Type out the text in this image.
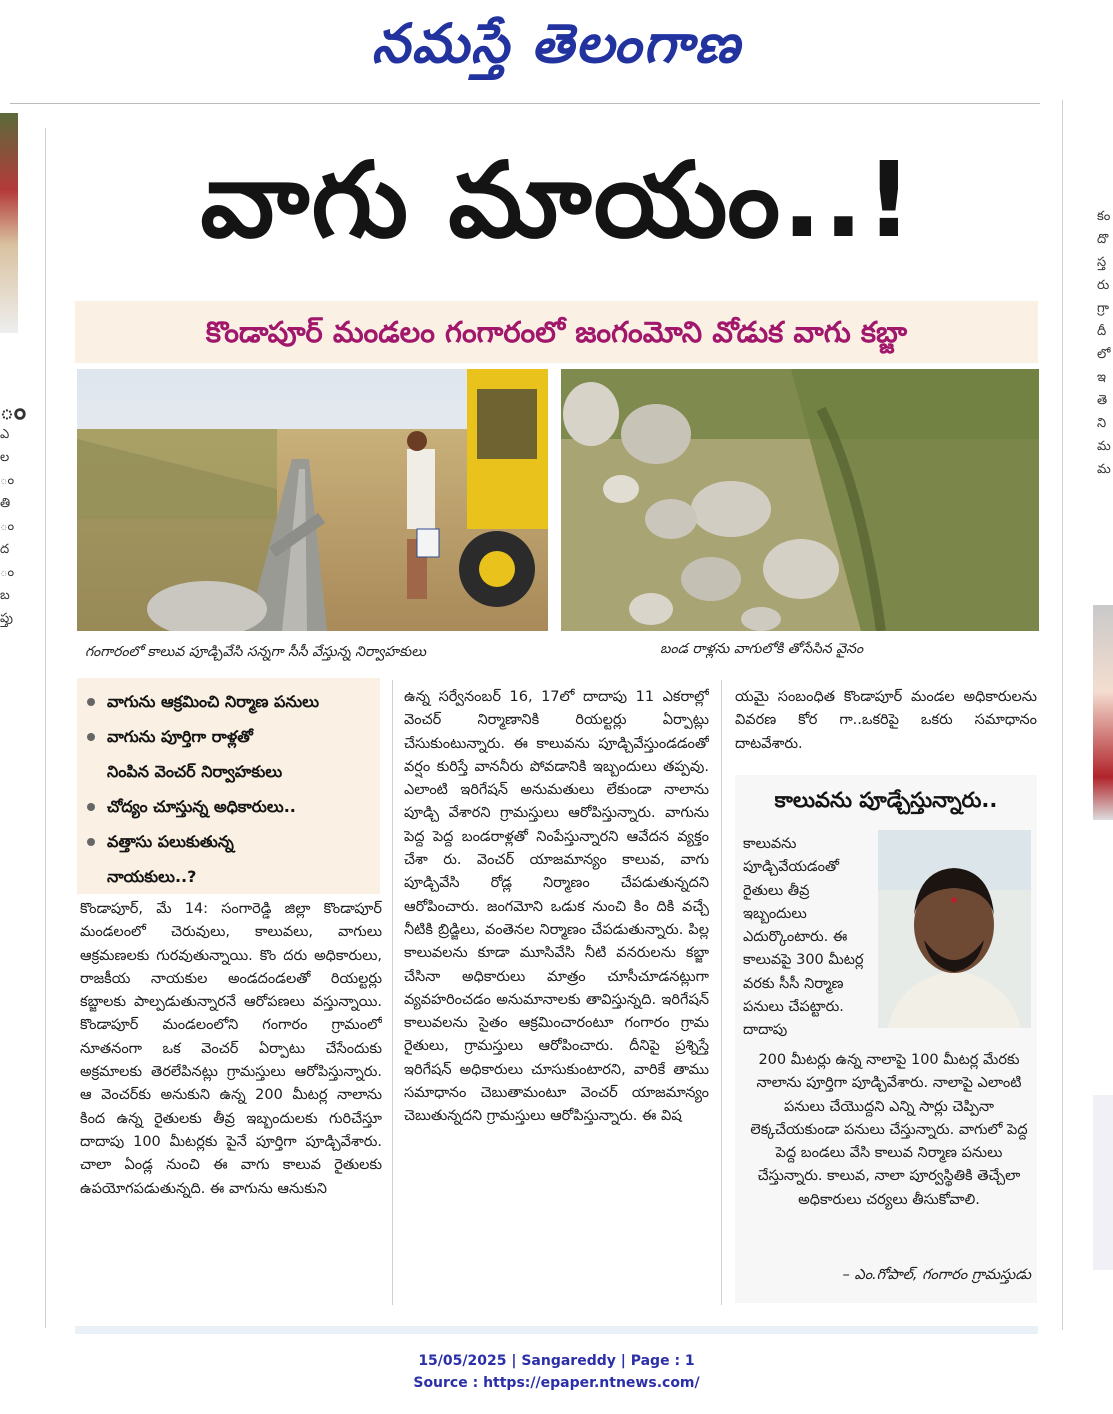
నమస్తే తెలంగాణ
ం
ఎ
ల
ం
తి
ం
ద
ం
బ
ప్తు
కం
దొ
స్త
రు
గ్రా
దీ
లో
ఇ
తె
ని
మ
మ
వాగు మాయం..!
కొండాపూర్ మండలం గంగారంలో జంగంమోని వోడుక వాగు కబ్జా
గంగారంలో కాలువ పూడ్చివేసి సన్నగా సీసీ వేస్తున్న నిర్వాహకులు	బండ రాళ్లను వాగులోకి తోసేసిన వైనం
వాగును ఆక్రమించి నిర్మాణ పనులు
వాగును పూర్తిగా రాళ్లతో
నింపిన వెంచర్ నిర్వాహకులు
చోద్యం చూస్తున్న అధికారులు..
వత్తాసు పలుకుతున్న
నాయకులు..?
కొండాపూర్, మే 14: సంగారెడ్డి జిల్లా కొండాపూర్ మండలంలో చెరువులు, కాలువలు, వాగులు ఆక్రమణలకు గురవుతున్నాయి. కొం దరు అధికారులు, రాజకీయ నాయకుల అండదండలతో రియల్టర్లు కబ్జాలకు పాల్పడుతున్నారనే ఆరోపణలు వస్తున్నాయి. కొండాపూర్ మండలంలోని గంగారం గ్రామంలో నూతనంగా ఒక వెంచర్ ఏర్పాటు చేసేందుకు అక్రమాలకు తెరలేపినట్లు గ్రామస్తులు ఆరోపిస్తున్నారు. ఆ వెంచర్‌కు అనుకుని ఉన్న 200 మీటర్ల నాలాను కింద ఉన్న రైతులకు తీవ్ర ఇబ్బందులకు గురిచేస్తూ దాదాపు 100 మీటర్లకు పైనే పూర్తిగా పూడ్చివేశారు. చాలా ఏండ్ల నుంచి ఈ వాగు కాలువ రైతులకు ఉపయోగపడుతున్నది. ఈ వాగును ఆనుకుని
ఉన్న సర్వేనంబర్ 16, 17లో దాదాపు 11 ఎకరాల్లో వెంచర్ నిర్మాణానికి రియల్టర్లు ఏర్పాట్లు చేసుకుంటున్నారు. ఈ కాలువను పూడ్చివేస్తుండడంతో వర్షం కురిస్తే వాననీరు పోవడానికి ఇబ్బందులు తప్పవు. ఎలాంటి ఇరిగేషన్ అనుమతులు లేకుండా నాలాను పూడ్చి వేశారని గ్రామస్తులు ఆరోపిస్తున్నారు. వాగును పెద్ద పెద్ద బండరాళ్లతో నింపేస్తున్నారని ఆవేదన వ్యక్తం చేశా రు. వెంచర్ యాజమాన్యం కాలువ, వాగు పూడ్చివేసి రోడ్ల నిర్మాణం చేపడుతున్నదని ఆరోపించారు. జంగమోని ఒడుక నుంచి కిం దికి వచ్చే నీటికి బ్రిడ్జిలు, వంతెనల నిర్మాణం చేపడుతున్నారు. పిల్ల కాలువలను కూడా మూసివేసి నీటి వనరులను కబ్జా చేసినా అధికారులు మాత్రం చూసీచూడనట్లుగా వ్యవహరించడం అనుమానాలకు తావిస్తున్నది. ఇరిగేషన్ కాలువలను సైతం ఆక్రమించారంటూ గంగారం గ్రామ రైతులు, గ్రామస్తులు ఆరోపించారు. దీనిపై ప్రశ్నిస్తే ఇరిగేషన్ అధికారులు చూసుకుంటారని, వారికే తాము సమాధానం చెబుతామంటూ వెంచర్ యాజమాన్యం చెబుతున్నదని గ్రామస్తులు ఆరోపిస్తున్నారు. ఈ విష
యమై సంబంధిత కొండాపూర్ మండల అధికారులను వివరణ కోర గా..ఒకరిపై ఒకరు సమాధానం దాటవేశారు.
కాలువను పూడ్చేస్తున్నారు..
కాలువను పూడ్చివేయడంతో రైతులు తీవ్ర ఇబ్బందులు ఎదుర్కొంటారు. ఈ కాలువపై 300 మీటర్ల వరకు సీసీ నిర్మాణ పనులు చేపట్టారు. దాదాపు
200 మీటర్లు ఉన్న నాలాపై 100 మీటర్ల మేరకు నాలాను పూర్తిగా పూడ్చివేశారు. నాలాపై ఎలాంటి పనులు చేయొద్దని ఎన్ని సార్లు చెప్పినా లెక్కచేయకుండా పనులు చేస్తున్నారు. వాగులో పెద్ద పెద్ద బండలు వేసి కాలువ నిర్మాణ పనులు చేస్తున్నారు. కాలువ, నాలా పూర్వస్థితికి తెచ్చేలా అధికారులు చర్యలు తీసుకోవాలి.
– ఎం.గోపాల్, గంగారం గ్రామస్తుడు
15/05/2025 | Sangareddy | Page : 1
Source : https://epaper.ntnews.com/
